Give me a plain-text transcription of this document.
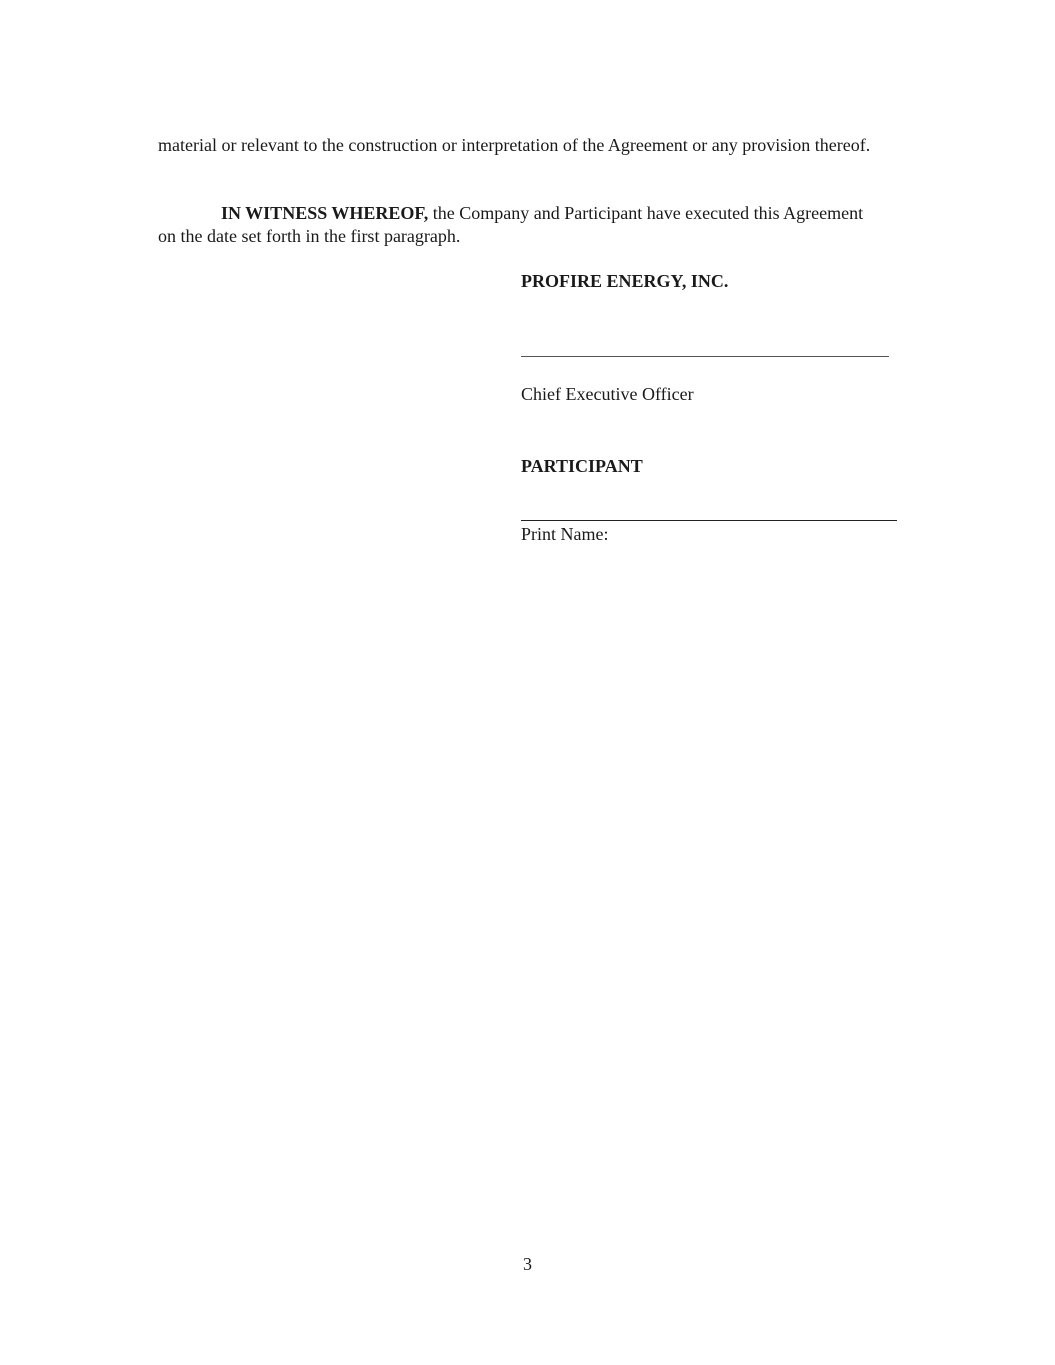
material or relevant to the construction or interpretation of the Agreement or any provision thereof.

IN WITNESS WHEREOF, the Company and Participant have executed this Agreement on the date set forth in the first paragraph.

PROFIRE ENERGY, INC.

Chief Executive Officer

PARTICIPANT

Print Name:

3
